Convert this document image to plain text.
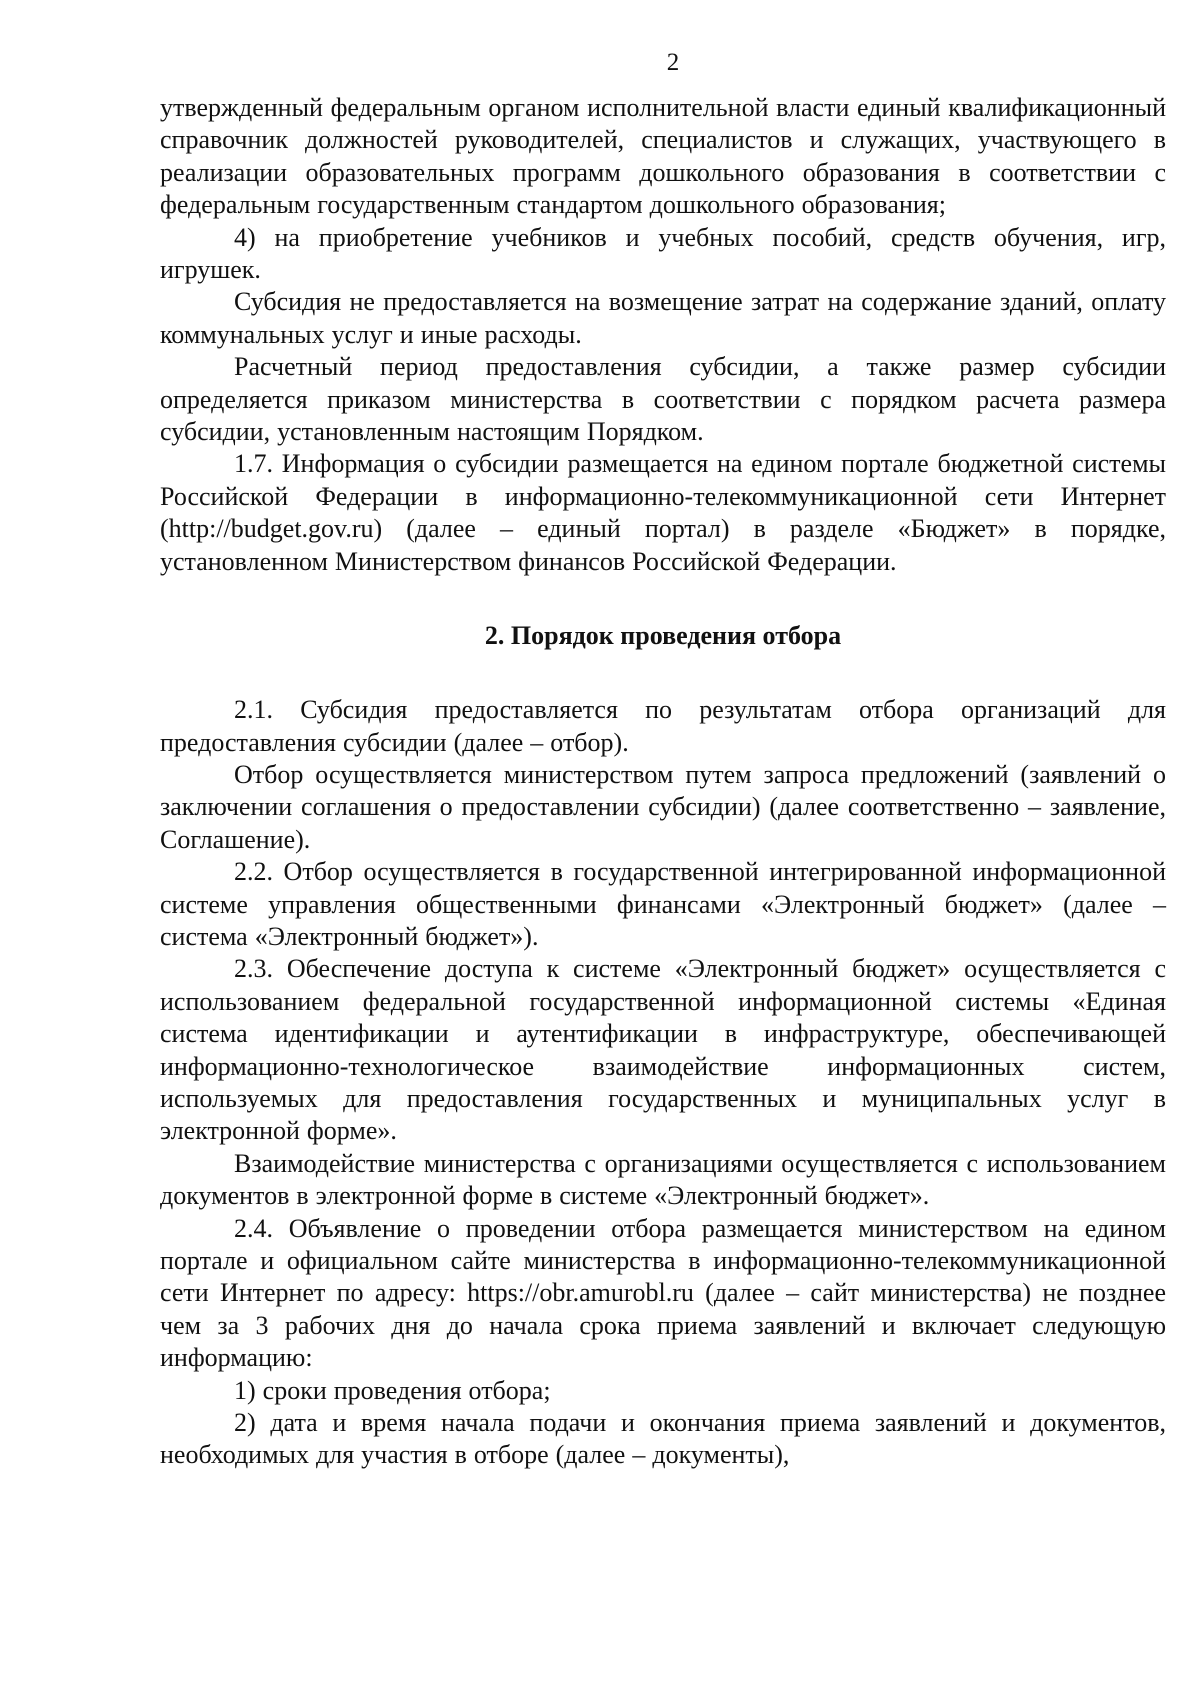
2

утвержденный федеральным органом исполнительной власти единый квалификационный справочник должностей руководителей, специалистов и служащих, участвующего в реализации образовательных программ дошкольного образования в соответствии с федеральным государственным стандартом дошкольного образования;

4) на приобретение учебников и учебных пособий, средств обучения, игр, игрушек.

Субсидия не предоставляется на возмещение затрат на содержание зданий, оплату коммунальных услуг и иные расходы.

Расчетный период предоставления субсидии, а также размер субсидии определяется приказом министерства в соответствии с порядком расчета размера субсидии, установленным настоящим Порядком.

1.7. Информация о субсидии размещается на едином портале бюджетной системы Российской Федерации в информационно-телекоммуникационной сети Интернет (http://budget.gov.ru) (далее – единый портал) в разделе «Бюджет» в порядке, установленном Министерством финансов Российской Федерации.

2. Порядок проведения отбора

2.1. Субсидия предоставляется по результатам отбора организаций для предоставления субсидии (далее – отбор).

Отбор осуществляется министерством путем запроса предложений (заявлений о заключении соглашения о предоставлении субсидии) (далее соответственно – заявление, Соглашение).

2.2. Отбор осуществляется в государственной интегрированной информационной системе управления общественными финансами «Электронный бюджет» (далее – система «Электронный бюджет»).

2.3. Обеспечение доступа к системе «Электронный бюджет» осуществляется с использованием федеральной государственной информационной системы «Единая система идентификации и аутентификации в инфраструктуре, обеспечивающей информационно-технологическое взаимодействие информационных систем, используемых для предоставления государственных и муниципальных услуг в электронной форме».

Взаимодействие министерства с организациями осуществляется с использованием документов в электронной форме в системе «Электронный бюджет».

2.4. Объявление о проведении отбора размещается министерством на едином портале и официальном сайте министерства в информационно-телекоммуникационной сети Интернет по адресу: https://obr.amurobl.ru (далее – сайт министерства) не позднее чем за 3 рабочих дня до начала срока приема заявлений и включает следующую информацию:

1) сроки проведения отбора;

2) дата и время начала подачи и окончания приема заявлений и документов, необходимых для участия в отборе (далее – документы),
